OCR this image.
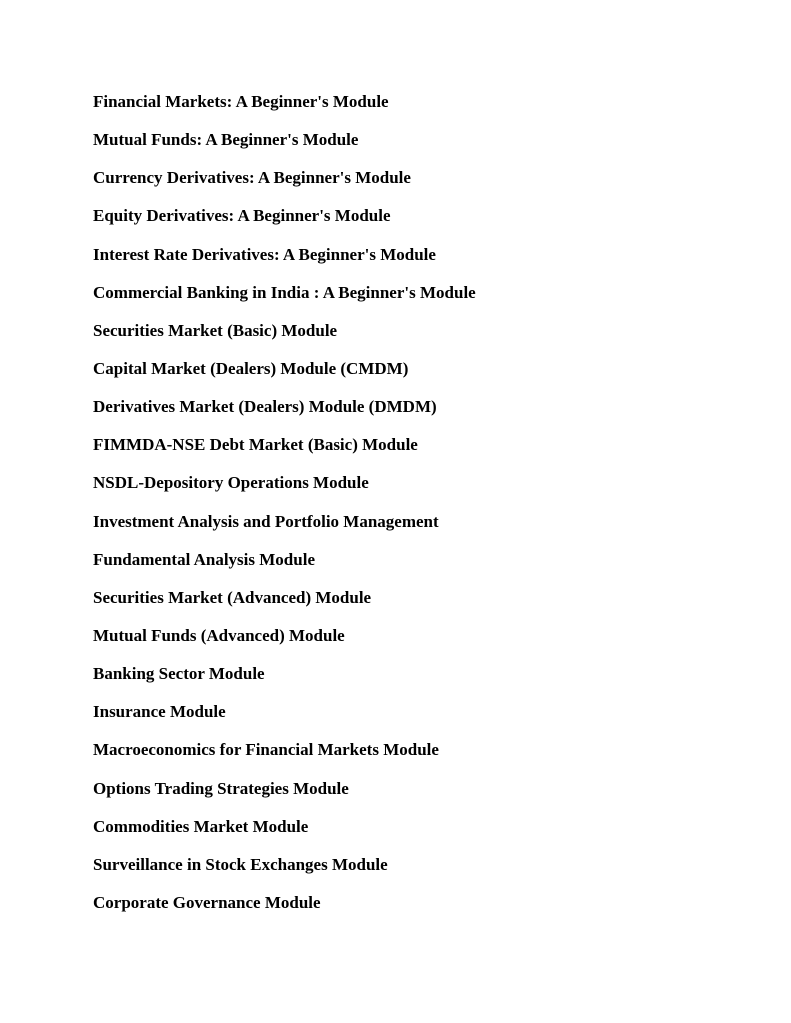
Financial Markets: A Beginner's Module
Mutual Funds: A Beginner's Module
Currency Derivatives: A Beginner's Module
Equity Derivatives: A Beginner's Module
Interest Rate Derivatives: A Beginner's Module
Commercial Banking in India : A Beginner's Module
Securities Market (Basic) Module
Capital Market (Dealers) Module (CMDM)
Derivatives Market (Dealers) Module (DMDM)
FIMMDA-NSE Debt Market (Basic) Module
NSDL-Depository Operations Module
Investment Analysis and Portfolio Management
Fundamental Analysis Module
Securities Market (Advanced) Module
Mutual Funds (Advanced) Module
Banking Sector Module
Insurance Module
Macroeconomics for Financial Markets Module
Options Trading Strategies Module
Commodities Market Module
Surveillance in Stock Exchanges Module
Corporate Governance Module
